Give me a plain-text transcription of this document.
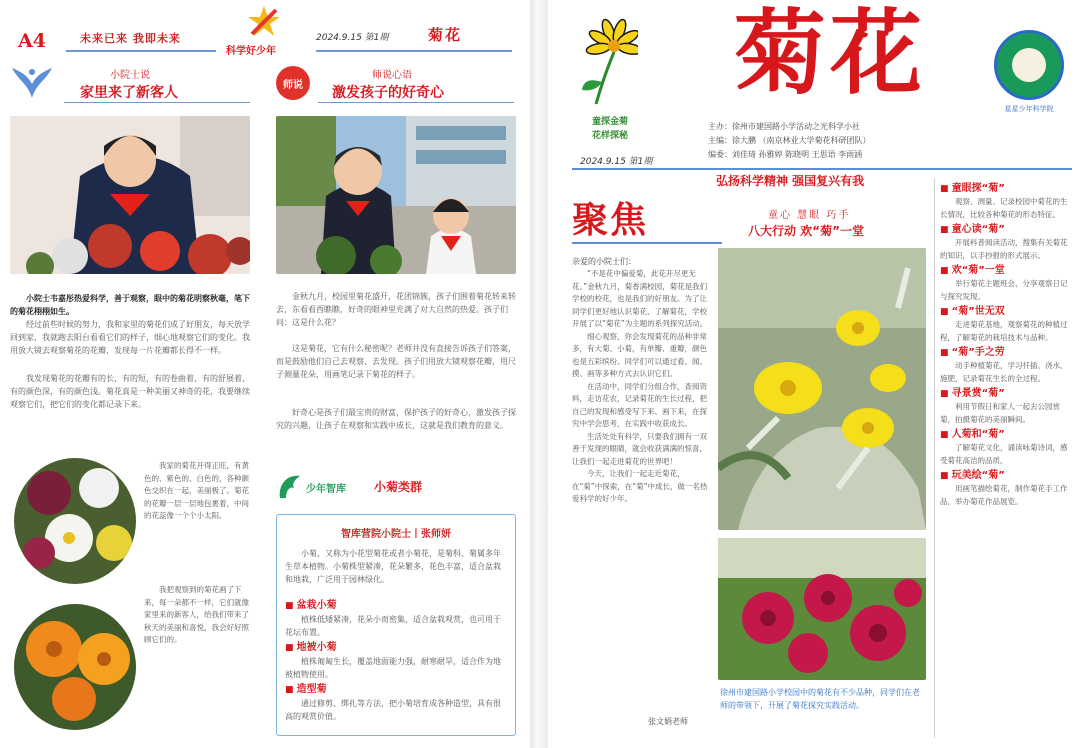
A4	未来已来 我即未来
科学好少年
2024.9.15 第1期	菊花
小院士说
家里来了新客人

小院士韦嘉彤热爱科学，善于观察，眼中的菊花明察秋毫，笔下的菊花栩栩如生。

经过前些时候的努力，我和家里的菊花们成了好朋友，每天放学回到家，我就跑去阳台看看它们的样子，细心地观察它们的变化。我用放大镜去观察菊花的花瓣，发现每一片花瓣都长得不一样。

我发现菊花的花瓣有的长，有的短，有的卷曲着，有的舒展着，有的颜色深，有的颜色浅。菊花真是一种美丽又神奇的花，我要继续观察它们，把它们的变化都记录下来。

我家的菊花开得正旺，有黄色的、紫色的、白色的，各种颜色交织在一起，美丽极了。菊花的花瓣一层一层地包裹着，中间的花蕊像一个个小太阳。

我把观察到的菊花画了下来，每一朵都不一样，它们就像家里来的新客人，给我们带来了秋天的美丽和喜悦，我会好好照顾它们的。

师说
师说心语
激发孩子的好奇心

金秋九月，校园里菊花盛开，花团锦簇，孩子们围着菊花转来转去，东看看西瞧瞧，好奇的眼神里充满了对大自然的热爱。孩子们问：这是什么花？

这是菊花，它有什么秘密呢？老师并没有直接告诉孩子们答案，而是鼓励他们自己去观察、去发现。孩子们用放大镜观察花瓣，用尺子测量花朵，用画笔记录下菊花的样子。

好奇心是孩子们最宝贵的财富，保护孩子的好奇心，激发孩子探究的兴趣，让孩子在观察和实践中成长，这就是我们教育的意义。

少年智库 小菊类群
智库营院小院士丨张师妍

小菊，又称为小花型菊花或者小菊花，是菊科、菊属多年生草本植物。小菊株型紧凑，花朵繁多，花色丰富，适合盆栽和地栽，广泛用于园林绿化。

■ 盆栽小菊

植株低矮紧凑，花朵小而密集，适合盆栽观赏，也可用于花坛布置。

■ 地被小菊

植株匍匐生长，覆盖地面能力强，耐寒耐旱，适合作为地被植物使用。

■ 造型菊

通过修剪、绑扎等方法，把小菊培育成各种造型，具有很高的观赏价值。

童探金菊
花样探秘
菊花
星星少年科学院
2024.9.15 第1期
主办：徐州市建国路小学活动之光科学小社
主编：徐大鹏 （南京林业大学菊花科研团队）
编委：刘佳琦 孙雅婷 陈晓明 王思语 李雨涵
弘扬科学精神 强国复兴有我
聚焦	童心 慧眼 巧手
八大行动 欢“菊”一堂
亲爱的小院士们：

“不是花中偏爱菊，此花开尽更无花。”金秋九月，菊香满校园，菊花是我们学校的校花，也是我们的好朋友。为了让同学们更好地认识菊花、了解菊花，学校开展了以“菊花”为主题的系列探究活动。

细心观察，你会发现菊花的品种非常多，有大菊、小菊，有单瓣、重瓣，颜色也是五彩缤纷。同学们可以通过看、闻、摸、画等多种方式去认识它们。

在活动中，同学们分组合作，查阅资料，走访花农，记录菊花的生长过程，把自己的发现和感受写下来、画下来，在探究中学会思考，在实践中收获成长。

生活处处有科学，只要我们拥有一双善于发现的眼睛，就会收获满满的惊喜，让我们一起走进菊花的世界吧！

今天，让我们一起走近菊花，在“菊”中探索，在“菊”中成长，做一名热爱科学的好少年。

张文娟老师
徐州市建国路小学校园中的菊花有不少品种，同学们在老师的带领下，开展了菊花探究实践活动。
■ 童眼探“菊”

观察、测量、记录校园中菊花的生长情况，比较各种菊花的形态特征。

■ 童心读“菊”

开展科普阅读活动，搜集有关菊花的知识，以手抄报的形式展示。

■ 欢“菊”一堂

举行菊花主题班会，分享观察日记与探究发现。

■ “菊”世无双

走进菊花基地，观察菊花的种植过程，了解菊花的栽培技术与品种。

■ “菊”手之劳

动手种植菊花，学习扦插、浇水、施肥，记录菊花生长的全过程。

■ 寻景赏“菊”

利用节假日和家人一起去公园赏菊，拍摄菊花的美丽瞬间。

■ 人菊和“菊”

了解菊花文化，诵读咏菊诗词，感受菊花高洁的品质。

■ 玩美绘“菊”

用画笔描绘菊花，制作菊花手工作品，举办菊花作品展览。
